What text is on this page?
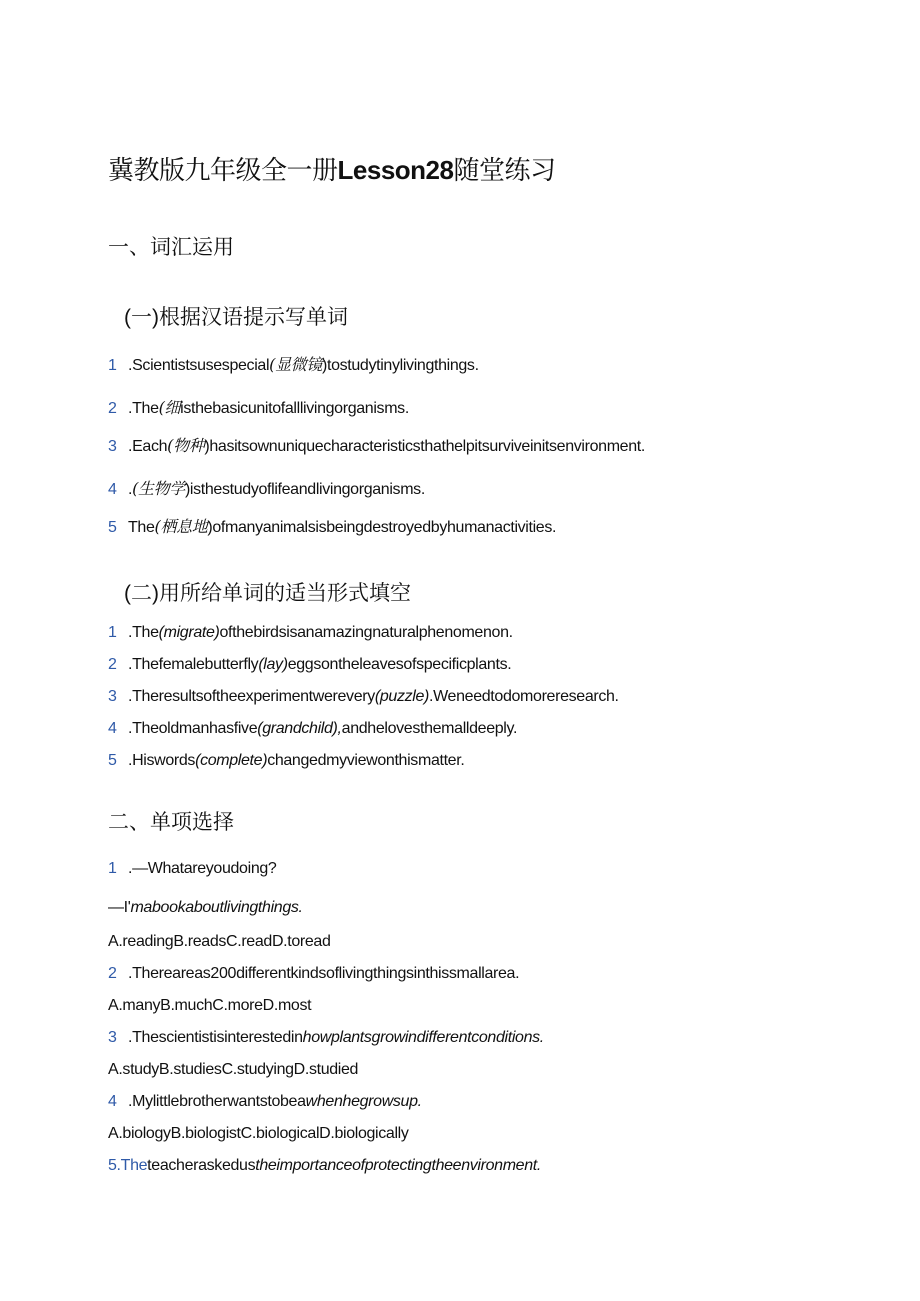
冀教版九年级全一册Lesson28随堂练习
一、词汇运用
(一)根据汉语提示写单词
1 .Scientistsusespecial(显微镜)tostudytinylivingthings.
2 .The(细isthebasicunitofalllivingorganisms.
3 .Each(物种)hasitsownuniquecharacteristicsthathelpitsurviveinitsenvironment.
4 .(生物学)isthestudyoflifeandlivingorganisms.
5 The(栖息地)ofmanyanimalsisbeingdestroyedbyhumanactivities.
(二)用所给单词的适当形式填空
1 .The(migrate)ofthebirdsisanamazingnaturalphenomenon.
2 .Thefemalebutterfly(lay)eggsontheleavesofspecificplants.
3 .Theresultsoftheexperimentwerevery(puzzle).Weneedtodomoreresearch.
4 .Theoldmanhasfive(grandchild),andhelovesthemalldeeply.
5 .Hiswords(complete)changedmyviewonthismatter.
二、单项选择
1 .—Whatareyoudoing?
—I'mabookaboutlivingthings.
A.readingB.readsC.readD.toread
2 .Thereareas200differentkindsoflivingthingsinthissmallarea.
A.manyB.muchC.moreD.most
3 .Thescientistisinterestedinhowplantsgrowindifferentconditions.
A.studyB.studiesC.studyingD.studied
4 .Mylittlebrotherwantstobeawhenhegrowsup.
A.biologyB.biologistC.biologicalD.biologically
5.Theteacheraskedustheimportanceofprotectingtheenvironment.
